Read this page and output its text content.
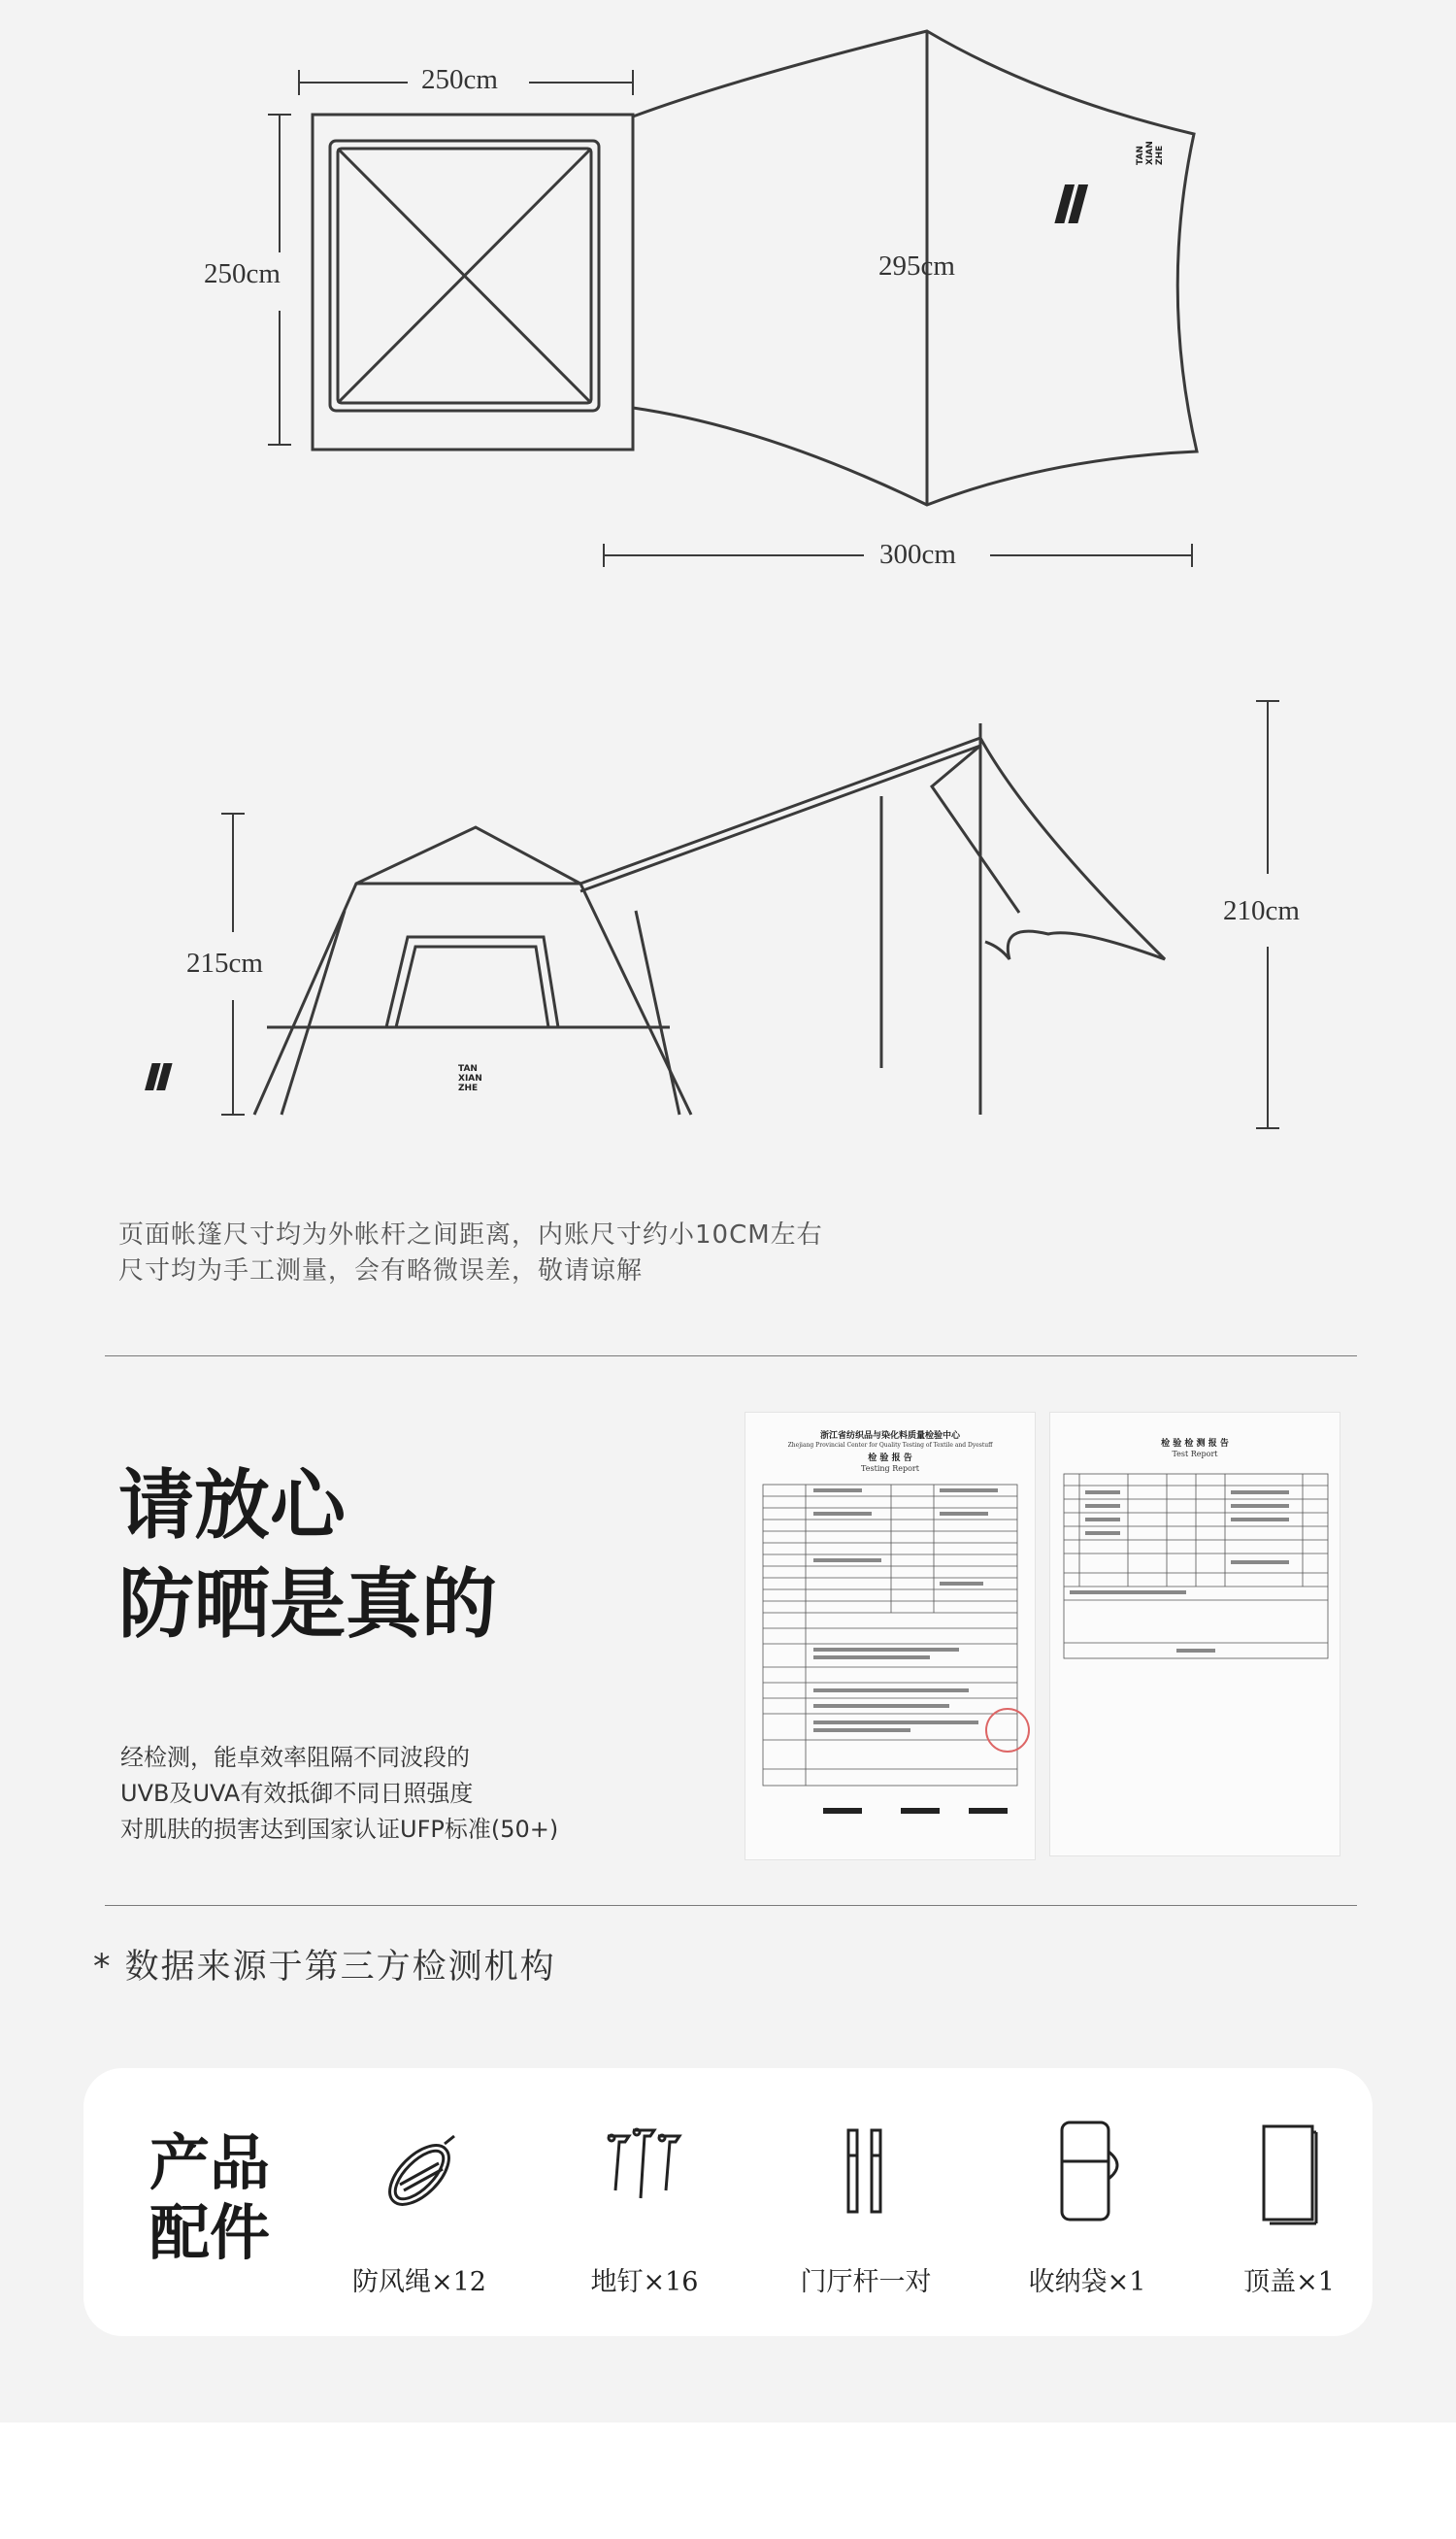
250cm
250cm	295cm
300cm
215cm
210cm
TAN
XIAN
ZHE
TAN XIAN ZHE
页面帐篷尺寸均为外帐杆之间距离，内账尺寸约小10CM左右
尺寸均为手工测量，会有略微误差，敬请谅解
请放心
防晒是真的
经检测，能卓效率阻隔不同波段的
UVB及UVA有效抵御不同日照强度
对肌肤的损害达到国家认证UFP标准(50+)
浙江省纺织品与染化料质量检验中心
Zhejiang Provincial Center for Quality Testing of Textile and Dyestuff
检 验 报 告
Testing Report
检 验 检 测 报 告
Test Report
* 数据来源于第三方检测机构
产品
配件
防风绳×12	地钉×16	门厅杆一对	收纳袋×1	顶盖×1
